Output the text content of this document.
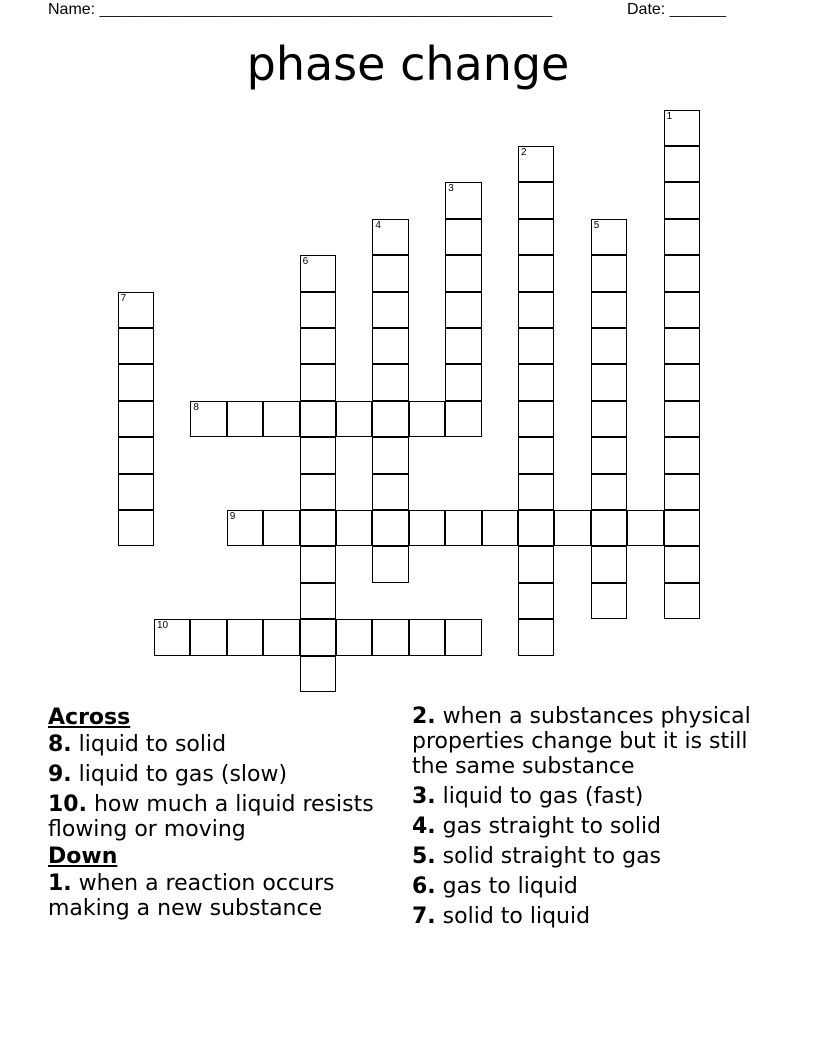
Name: ________________________________________________________	Date: _______
phase change
1
2
3
4	5
6
7
8
9
10
Across
8. liquid to solid
9. liquid to gas (slow)
10. how much a liquid resists flowing or moving
Down
1. when a reaction occurs making a new substance
2. when a substances physical properties change but it is still the same substance
3. liquid to gas (fast)
4. gas straight to solid
5. solid straight to gas
6. gas to liquid
7. solid to liquid
